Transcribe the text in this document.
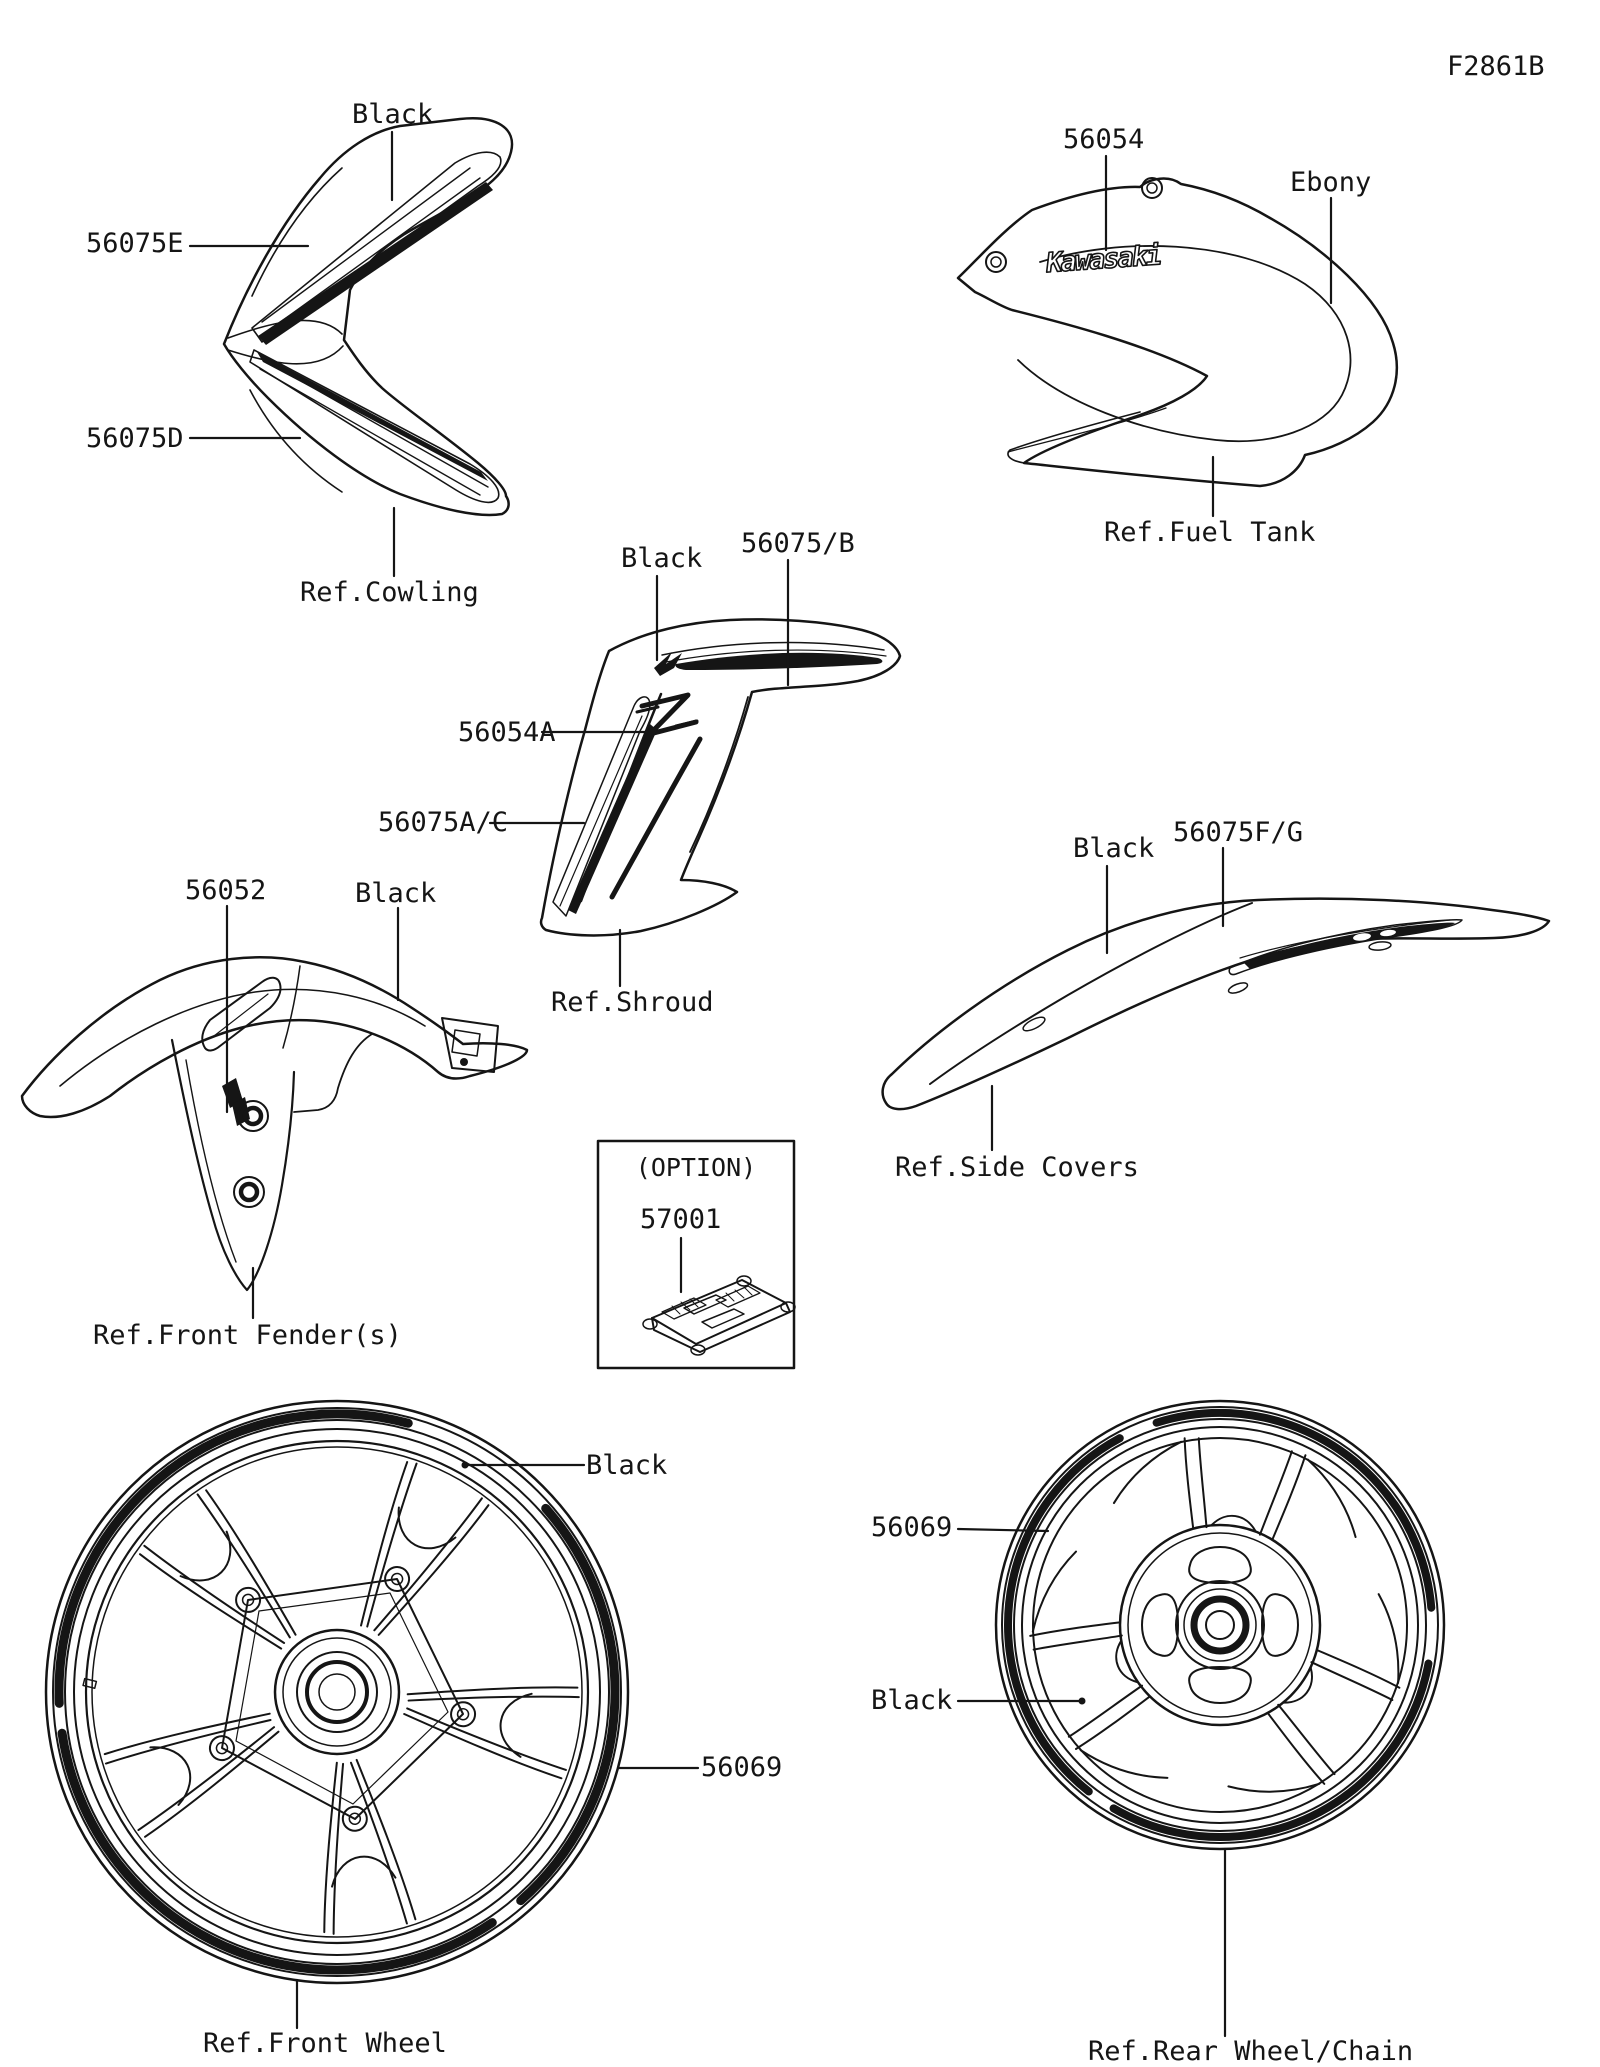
Kawasaki
F2861B
Black
56075E
56075D
Ref.Cowling
56054
Ebony
Ref.Fuel Tank
Black 56075/B
56054A
56075A/C
Ref.Shroud
56052	Black
Ref.Front Fender(s)
Black
56075F/G
Ref.Side Covers
(OPTION)
57001
Black
56069
Ref.Front Wheel
56069
Black
Ref.Rear Wheel/Chain
